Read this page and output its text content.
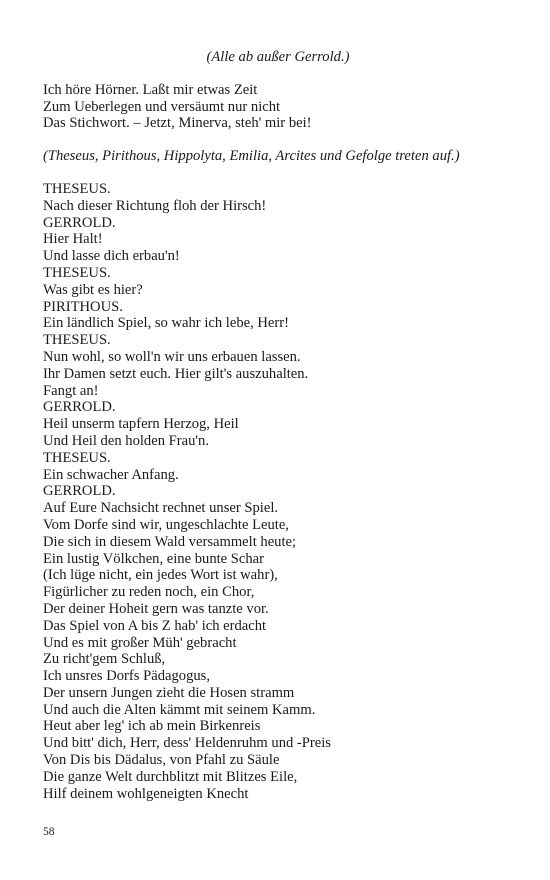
(Alle ab außer Gerrold.)

Ich höre Hörner. Laßt mir etwas Zeit
Zum Ueberlegen und versäumt nur nicht
Das Stichwort. – Jetzt, Minerva, steh' mir bei!

(Theseus, Pirithous, Hippolyta, Emilia, Arcites und Gefolge treten auf.)

THESEUS.
Nach dieser Richtung floh der Hirsch!
GERROLD.
Hier Halt!
Und lasse dich erbau'n!
THESEUS.
Was gibt es hier?
PIRITHOUS.
Ein ländlich Spiel, so wahr ich lebe, Herr!
THESEUS.
Nun wohl, so woll'n wir uns erbauen lassen.
Ihr Damen setzt euch. Hier gilt's auszuhalten.
Fangt an!
GERROLD.
Heil unserm tapfern Herzog, Heil
Und Heil den holden Frau'n.
THESEUS.
Ein schwacher Anfang.
GERROLD.
Auf Eure Nachsicht rechnet unser Spiel.
Vom Dorfe sind wir, ungeschlachte Leute,
Die sich in diesem Wald versammelt heute;
Ein lustig Völkchen, eine bunte Schar
(Ich lüge nicht, ein jedes Wort ist wahr),
Figürlicher zu reden noch, ein Chor,
Der deiner Hoheit gern was tanzte vor.
Das Spiel von A bis Z hab' ich erdacht
Und es mit großer Müh' gebracht
Zu richt'gem Schluß,
Ich unsres Dorfs Pädagogus,
Der unsern Jungen zieht die Hosen stramm
Und auch die Alten kämmt mit seinem Kamm.
Heut aber leg' ich ab mein Birkenreis
Und bitt' dich, Herr, dess' Heldenruhm und -Preis
Von Dis bis Dädalus, von Pfahl zu Säule
Die ganze Welt durchblitzt mit Blitzes Eile,
Hilf deinem wohlgeneigten Knecht
58
